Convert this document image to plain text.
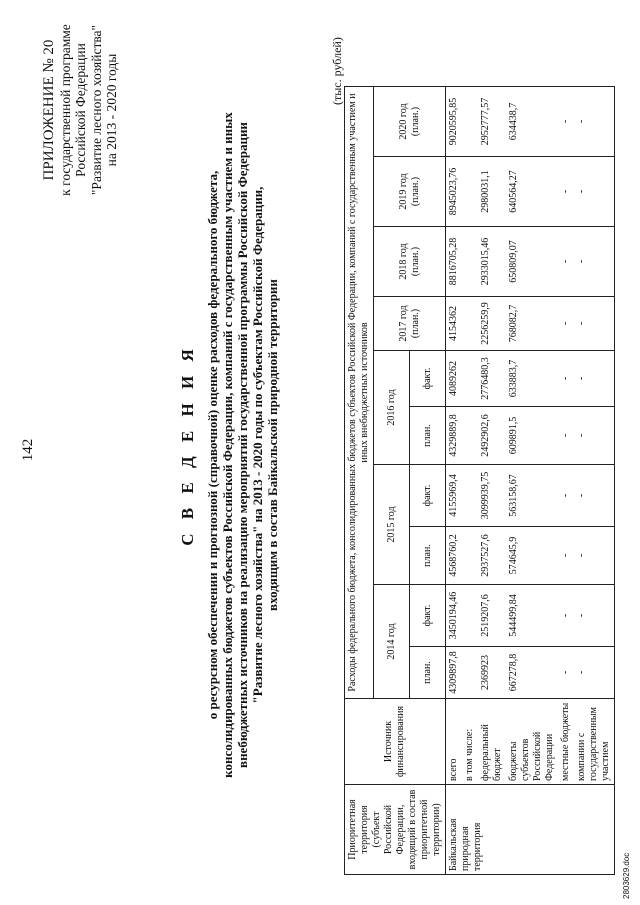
142
ПРИЛОЖЕНИЕ № 20 к государственной программе Российской Федерации "Развитие лесного хозяйства" на 2013 - 2020 годы
С В Е Д Е Н И Я о ресурсном обеспечении и прогнозной (справочной) оценке расходов федерального бюджета, консолидированных бюджетов субъектов Российской Федерации, компаний с государственным участием и иных внебюджетных источников на реализацию мероприятий государственной программы Российской Федерации "Развитие лесного хозяйства" на 2013 - 2020 годы по субъектам Российской Федерации, входящим в состав Байкальской природной территории
(тыс. рублей)
Приоритетная территория (субъект Российской Федерации, входящий в состав приоритетной территории)	Источник финансирования	Расходы федерального бюджета, консолидированных бюджетов субъектов Российской Федерации, компаний с государственным участием и иных внебюджетных источников									
		2014 год		2015 год		2016 год		2017 год (план.)	2018 год (план.)	2019 год (план.)	2020 год (план.)
		план.	факт.	план.	факт.	план.	факт.				

Байкальская природная территория	всего	4309897,8	3450194,46	4568760,2	4155969,4	4329889,8	4089262	4154362	8816705,28	8945023,76	9020595,85
	в том числе:										
	федеральный бюджет	2369923	2519207,6	2937527,6	3099939,75	2492902,6	2776480,3	2256259,9	2933015,46	2980031,1	2952777,57
	бюджеты субъектов Российской Федерации	667278,8	544499,84	574645,9	563158,67	609891,5	633883,7	768082,7	650809,07	640564,27	634438,7
	местные бюджеты	-	-	-	-	-	-	-	-	-	-
	компании с государственным участием	-	-	-	-	-	-	-	-	-	-
2803629.doc
